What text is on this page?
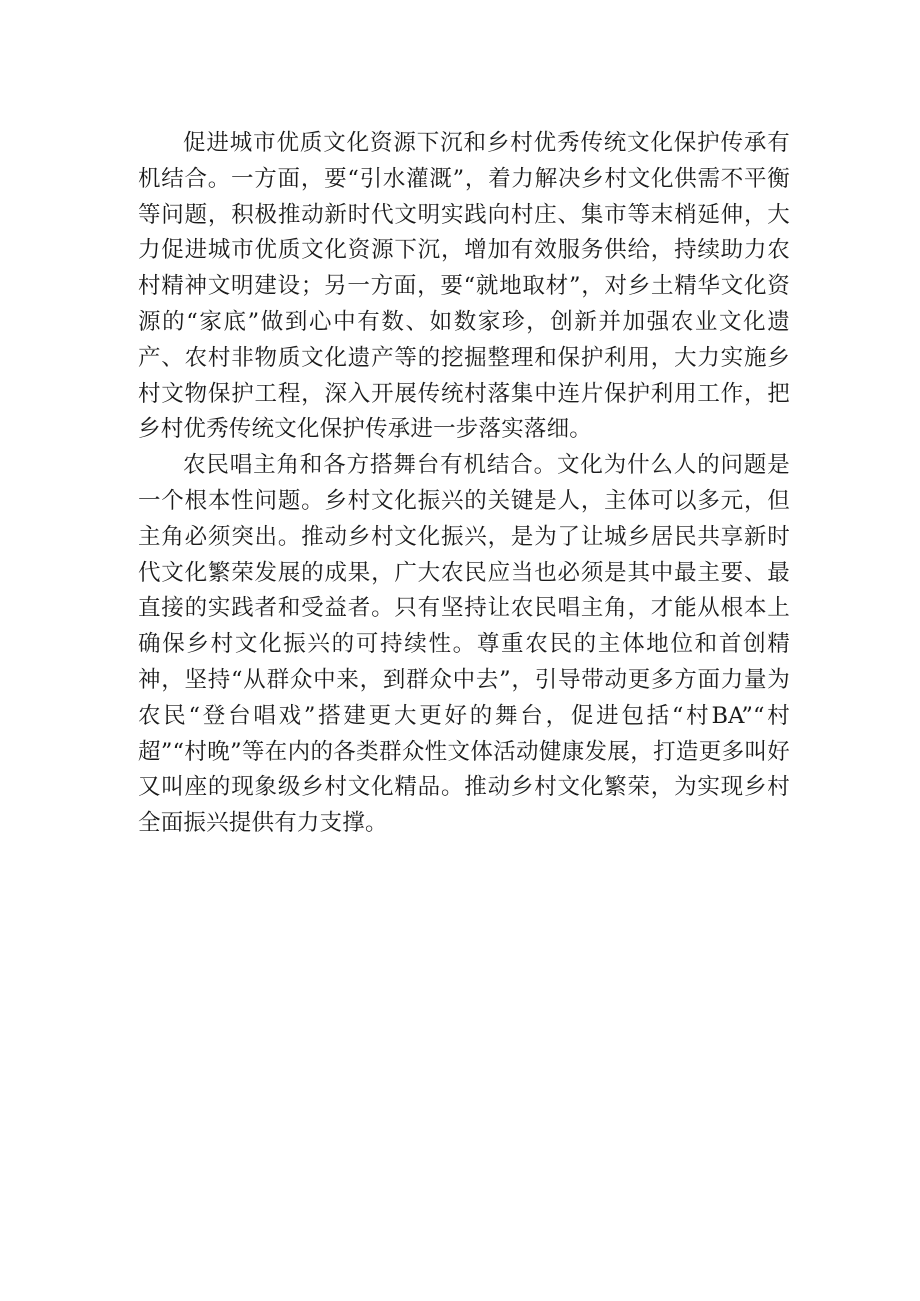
促进城市优质文化资源下沉和乡村优秀传统文化保护传承有机结合。一方面，要“引水灌溉”，着力解决乡村文化供需不平衡等问题，积极推动新时代文明实践向村庄、集市等末梢延伸，大力促进城市优质文化资源下沉，增加有效服务供给，持续助力农村精神文明建设；另一方面，要“就地取材”，对乡土精华文化资源的“家底”做到心中有数、如数家珍，创新并加强农业文化遗产、农村非物质文化遗产等的挖掘整理和保护利用，大力实施乡村文物保护工程，深入开展传统村落集中连片保护利用工作，把乡村优秀传统文化保护传承进一步落实落细。

农民唱主角和各方搭舞台有机结合。文化为什么人的问题是一个根本性问题。乡村文化振兴的关键是人，主体可以多元，但主角必须突出。推动乡村文化振兴，是为了让城乡居民共享新时代文化繁荣发展的成果，广大农民应当也必须是其中最主要、最直接的实践者和受益者。只有坚持让农民唱主角，才能从根本上确保乡村文化振兴的可持续性。尊重农民的主体地位和首创精神，坚持“从群众中来，到群众中去”，引导带动更多方面力量为农民“登台唱戏”搭建更大更好的舞台，促进包括“村BA”“村超”“村晚”等在内的各类群众性文体活动健康发展，打造更多叫好又叫座的现象级乡村文化精品。推动乡村文化繁荣，为实现乡村全面振兴提供有力支撑。
